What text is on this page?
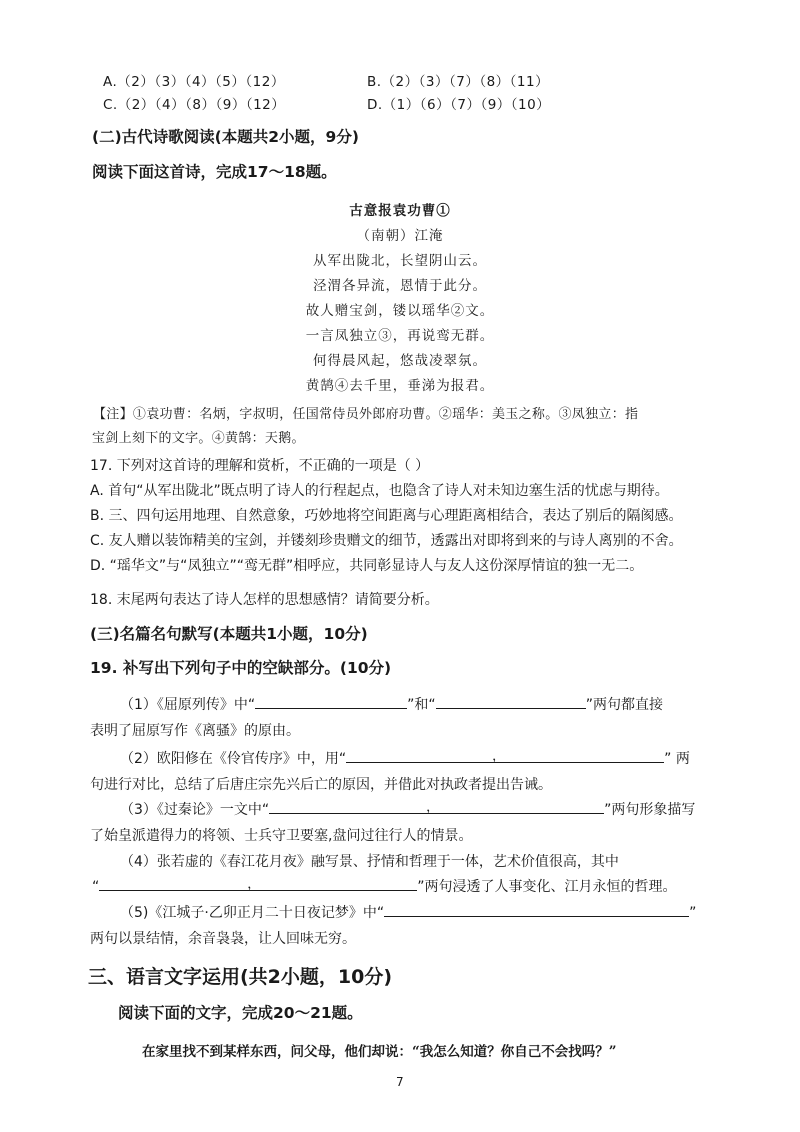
A.（2）（3）（4）（5）（12）	B.（2）（3）（7）（8）（11）
C.（2）（4）（8）（9）（12）	D.（1）（6）（7）（9）（10）
(二)古代诗歌阅读(本题共2小题，9分)
阅读下面这首诗，完成17～18题。
古意报袁功曹①
（南朝）江淹
从军出陇北，长望阴山云。
泾渭各异流，恩情于此分。
故人赠宝剑，镂以瑶华②文。
一言凤独立③，再说鸾无群。
何得晨风起，悠哉凌翠氛。
黄鹄④去千里，垂涕为报君。
【注】①袁功曹：名炳，字叔明，任国常侍员外郎府功曹。②瑶华：美玉之称。③凤独立：指
宝剑上刻下的文字。④黄鹄：天鹅。
17. 下列对这首诗的理解和赏析，不正确的一项是（ ）
A. 首句“从军出陇北”既点明了诗人的行程起点，也隐含了诗人对未知边塞生活的忧虑与期待。
B. 三、四句运用地理、自然意象，巧妙地将空间距离与心理距离相结合，表达了别后的隔阂感。
C. 友人赠以装饰精美的宝剑，并镂刻珍贵赠文的细节，透露出对即将到来的与诗人离别的不舍。
D. “瑶华文”与“凤独立”“鸾无群”相呼应，共同彰显诗人与友人这份深厚情谊的独一无二。
18. 末尾两句表达了诗人怎样的思想感情？请简要分析。
(三)名篇名句默写(本题共1小题，10分)
19. 补写出下列句子中的空缺部分。(10分)
（1）《屈原列传》中“	”和“	”两句都直接
表明了屈原写作《离骚》的原由。
（2）欧阳修在《伶官传序》中，用“	，	” 两
句进行对比，总结了后唐庄宗先兴后亡的原因，并借此对执政者提出告诫。
（3）《过秦论》一文中“	，	”两句形象描写
了始皇派遣得力的将领、士兵守卫要塞,盘问过往行人的情景。
（4）张若虚的《春江花月夜》融写景、抒情和哲理于一体，艺术价值很高，其中
“	，	”两句浸透了人事变化、江月永恒的哲理。
（5)《江城子·乙卯正月二十日夜记梦》中“	”
两句以景结情，余音袅袅，让人回味无穷。
三、语言文字运用(共2小题，10分)
阅读下面的文字，完成20～21题。
在家里找不到某样东西，问父母，他们却说：“我怎么知道？你自己不会找吗？”
7
